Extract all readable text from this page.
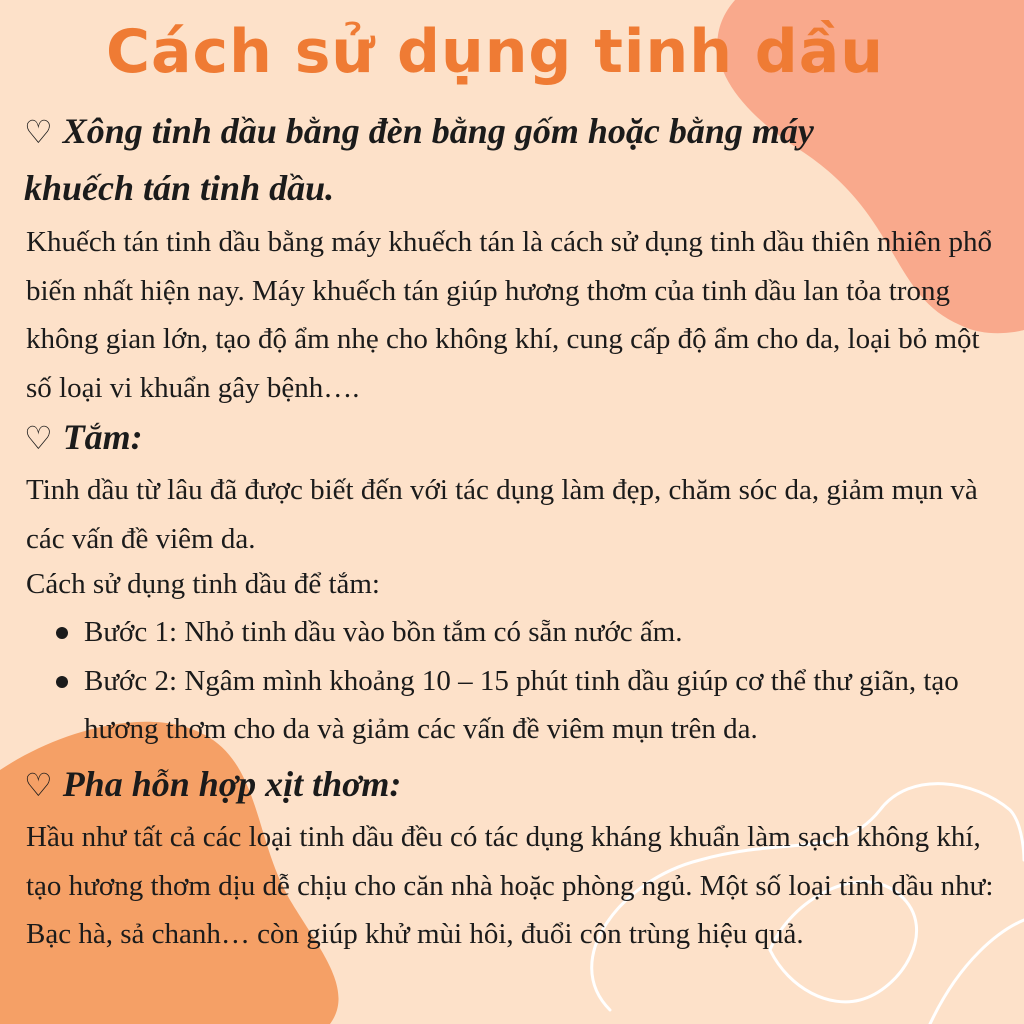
Cách sử dụng tinh dầu
♡ Xông tinh dầu bằng đèn bằng gốm hoặc bằng máy
khuếch tán tinh dầu.

Khuếch tán tinh dầu bằng máy khuếch tán là cách sử dụng tinh dầu thiên nhiên phổ biến nhất hiện nay. Máy khuếch tán giúp hương thơm của tinh dầu lan tỏa trong không gian lớn, tạo độ ẩm nhẹ cho không khí, cung cấp độ ẩm cho da, loại bỏ một số loại vi khuẩn gây bệnh….

♡ Tắm:

Tinh dầu từ lâu đã được biết đến với tác dụng làm đẹp, chăm sóc da, giảm mụn và các vấn đề viêm da.

Cách sử dụng tinh dầu để tắm:

Bước 1: Nhỏ tinh dầu vào bồn tắm có sẵn nước ấm.
Bước 2: Ngâm mình khoảng 10 – 15 phút tinh dầu giúp cơ thể thư giãn, tạo hương thơm cho da và giảm các vấn đề viêm mụn trên da.
♡ Pha hỗn hợp xịt thơm:

Hầu như tất cả các loại tinh dầu đều có tác dụng kháng khuẩn làm sạch không khí, tạo hương thơm dịu dễ chịu cho căn nhà hoặc phòng ngủ. Một số loại tinh dầu như: Bạc hà, sả chanh… còn giúp khử mùi hôi, đuổi côn trùng hiệu quả.
